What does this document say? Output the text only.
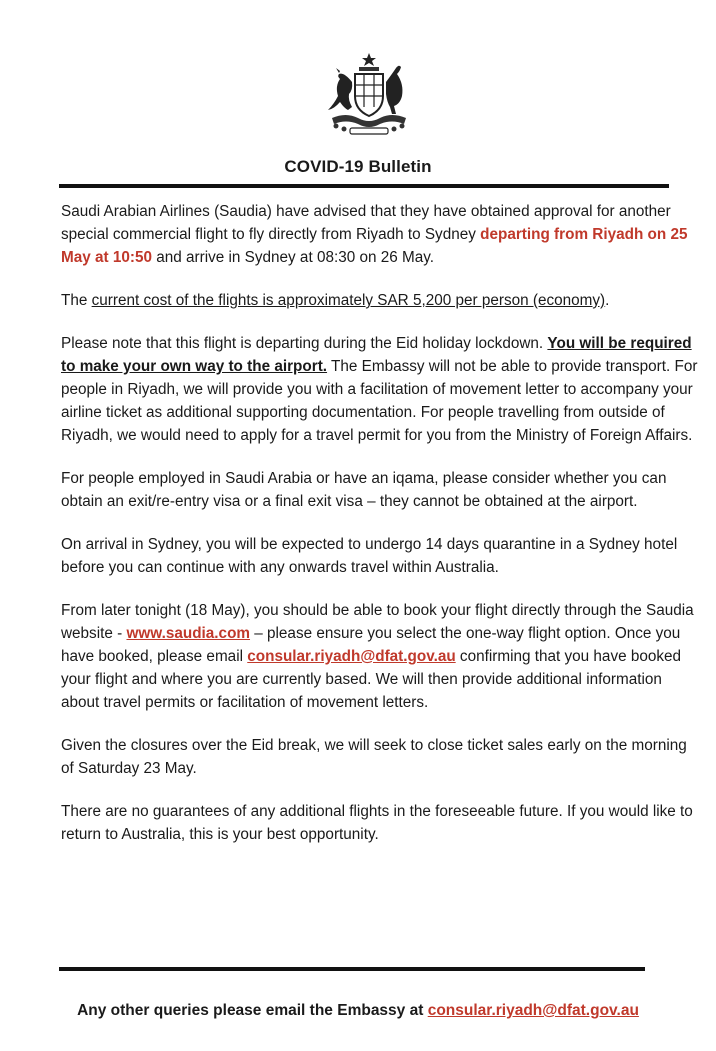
COVID-19 Bulletin

Saudi Arabian Airlines (Saudia) have advised that they have obtained approval for another special commercial flight to fly directly from Riyadh to Sydney departing from Riyadh on 25 May at 10:50 and arrive in Sydney at 08:30 on 26 May.

The current cost of the flights is approximately SAR 5,200 per person (economy).

Please note that this flight is departing during the Eid holiday lockdown. You will be required to make your own way to the airport. The Embassy will not be able to provide transport. For people in Riyadh, we will provide you with a facilitation of movement letter to accompany your airline ticket as additional supporting documentation. For people travelling from outside of Riyadh, we would need to apply for a travel permit for you from the Ministry of Foreign Affairs.

For people employed in Saudi Arabia or have an iqama, please consider whether you can obtain an exit/re-entry visa or a final exit visa – they cannot be obtained at the airport.

On arrival in Sydney, you will be expected to undergo 14 days quarantine in a Sydney hotel before you can continue with any onwards travel within Australia.

From later tonight (18 May), you should be able to book your flight directly through the Saudia website - www.saudia.com – please ensure you select the one-way flight option. Once you have booked, please email consular.riyadh@dfat.gov.au confirming that you have booked your flight and where you are currently based. We will then provide additional information about travel permits or facilitation of movement letters.

Given the closures over the Eid break, we will seek to close ticket sales early on the morning of Saturday 23 May.

There are no guarantees of any additional flights in the foreseeable future. If you would like to return to Australia, this is your best opportunity.

Any other queries please email the Embassy at consular.riyadh@dfat.gov.au
